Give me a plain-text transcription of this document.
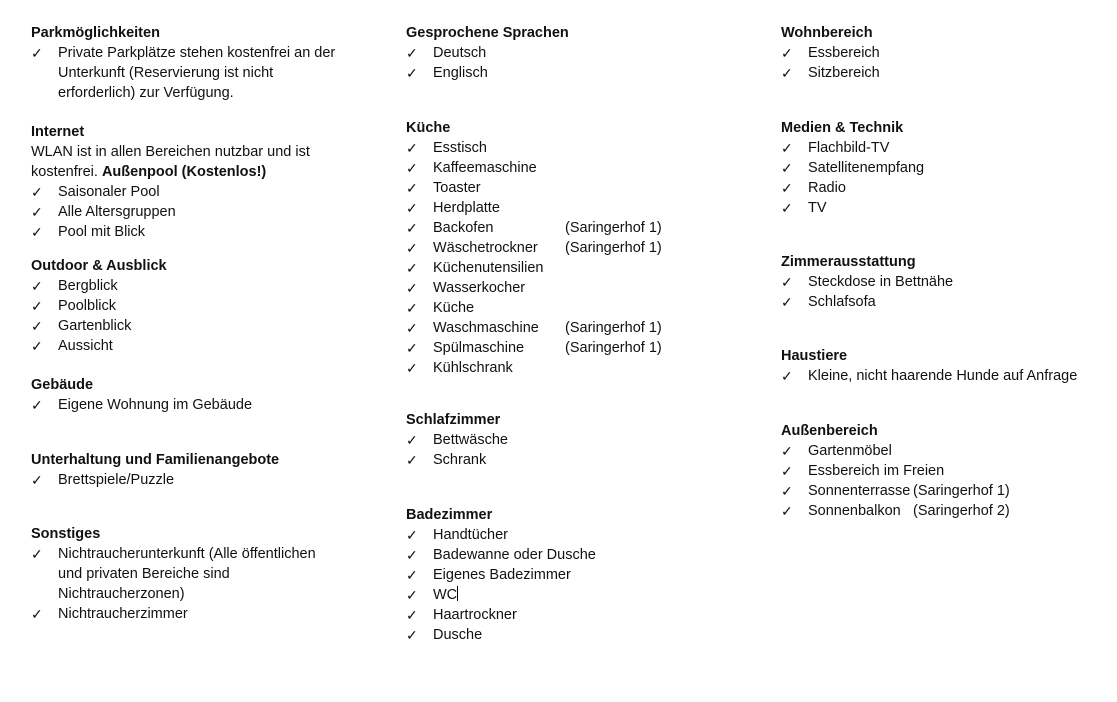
Parkmöglichkeiten
✓	Private Parkplätze stehen kostenfrei an der
Unterkunft (Reservierung ist nicht
erforderlich) zur Verfügung.
Internet
WLAN ist in allen Bereichen nutzbar und ist
kostenfrei. Außenpool (Kostenlos!)
✓	Saisonaler Pool
✓	Alle Altersgruppen
✓	Pool mit Blick
Outdoor & Ausblick
✓	Bergblick
✓	Poolblick
✓	Gartenblick
✓	Aussicht
Gebäude
✓	Eigene Wohnung im Gebäude
Unterhaltung und Familienangebote
✓	Brettspiele/Puzzle
Sonstiges
✓	Nichtraucherunterkunft (Alle öffentlichen
und privaten Bereiche sind
Nichtraucherzonen)
✓	Nichtraucherzimmer
Gesprochene Sprachen
✓	Deutsch
✓	Englisch
Küche
✓	Esstisch
✓	Kaffeemaschine
✓	Toaster
✓	Herdplatte
✓	Backofen	(Saringerhof 1)
✓	Wäschetrockner (Saringerhof 1)
✓	Küchenutensilien
✓	Wasserkocher
✓	Küche
✓	Waschmaschine (Saringerhof 1)
✓	Spülmaschine	(Saringerhof 1)
✓	Kühlschrank
Schlafzimmer
✓	Bettwäsche
✓	Schrank
Badezimmer
✓	Handtücher
✓	Badewanne oder Dusche
✓	Eigenes Badezimmer
✓	WC
✓	Haartrockner
✓	Dusche
Wohnbereich
✓	Essbereich
✓	Sitzbereich
Medien & Technik
✓	Flachbild-TV
✓	Satellitenempfang
✓	Radio
✓	TV
Zimmerausstattung
✓	Steckdose in Bettnähe
✓	Schlafsofa
Haustiere
✓	Kleine, nicht haarende Hunde auf Anfrage
Außenbereich
✓	Gartenmöbel
✓	Essbereich im Freien
✓	Sonnenterrasse (Saringerhof 1)
✓	Sonnenbalkon (Saringerhof 2)
